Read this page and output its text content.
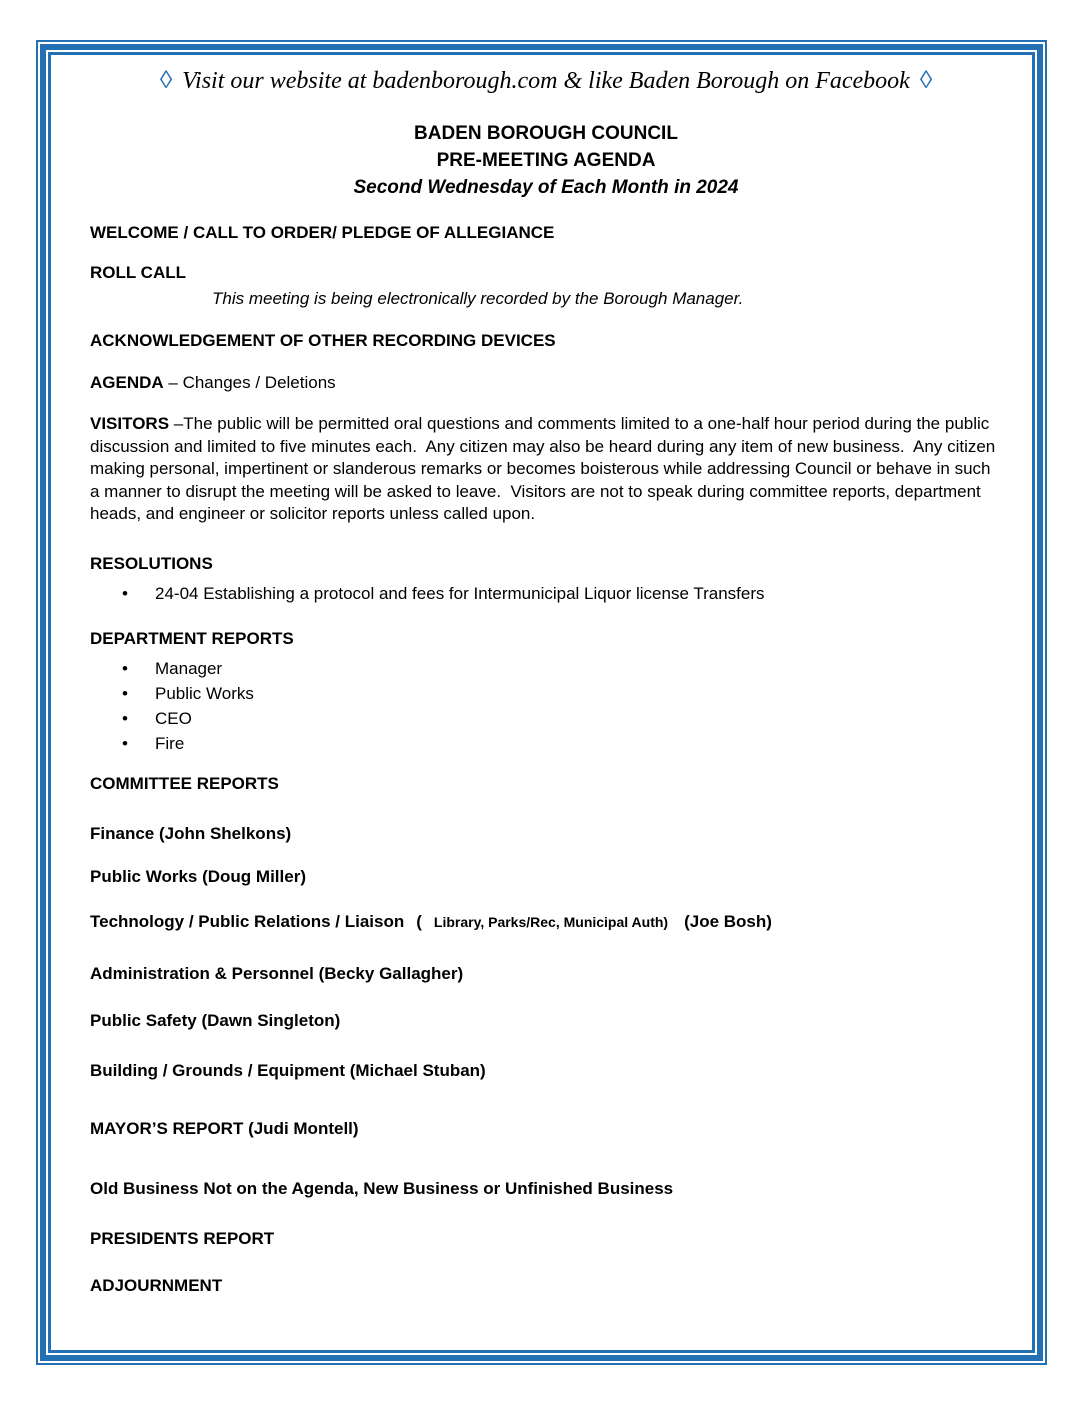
◊ Visit our website at badenborough.com & like Baden Borough on Facebook ◊
BADEN BOROUGH COUNCIL
PRE-MEETING AGENDA
Second Wednesday of Each Month in 2024
WELCOME / CALL TO ORDER/ PLEDGE OF ALLEGIANCE
ROLL CALL
This meeting is being electronically recorded by the Borough Manager.
ACKNOWLEDGEMENT OF OTHER RECORDING DEVICES
AGENDA – Changes / Deletions
VISITORS –The public will be permitted oral questions and comments limited to a one-half hour period during the public discussion and limited to five minutes each.  Any citizen may also be heard during any item of new business.  Any citizen making personal, impertinent or slanderous remarks or becomes boisterous while addressing Council or behave in such a manner to disrupt the meeting will be asked to leave.  Visitors are not to speak during committee reports, department heads, and engineer or solicitor reports unless called upon.
RESOLUTIONS
• 24-04 Establishing a protocol and fees for Intermunicipal Liquor license Transfers
DEPARTMENT REPORTS
• Manager
• Public Works
• CEO
• Fire
COMMITTEE REPORTS
Finance (John Shelkons)
Public Works (Doug Miller)
Technology / Public Relations / Liaison ( Library, Parks/Rec, Municipal Auth) (Joe Bosh)
Administration & Personnel (Becky Gallagher)
Public Safety (Dawn Singleton)
Building / Grounds / Equipment (Michael Stuban)
MAYOR’S REPORT (Judi Montell)
Old Business Not on the Agenda, New Business or Unfinished Business
PRESIDENTS REPORT
ADJOURNMENT
